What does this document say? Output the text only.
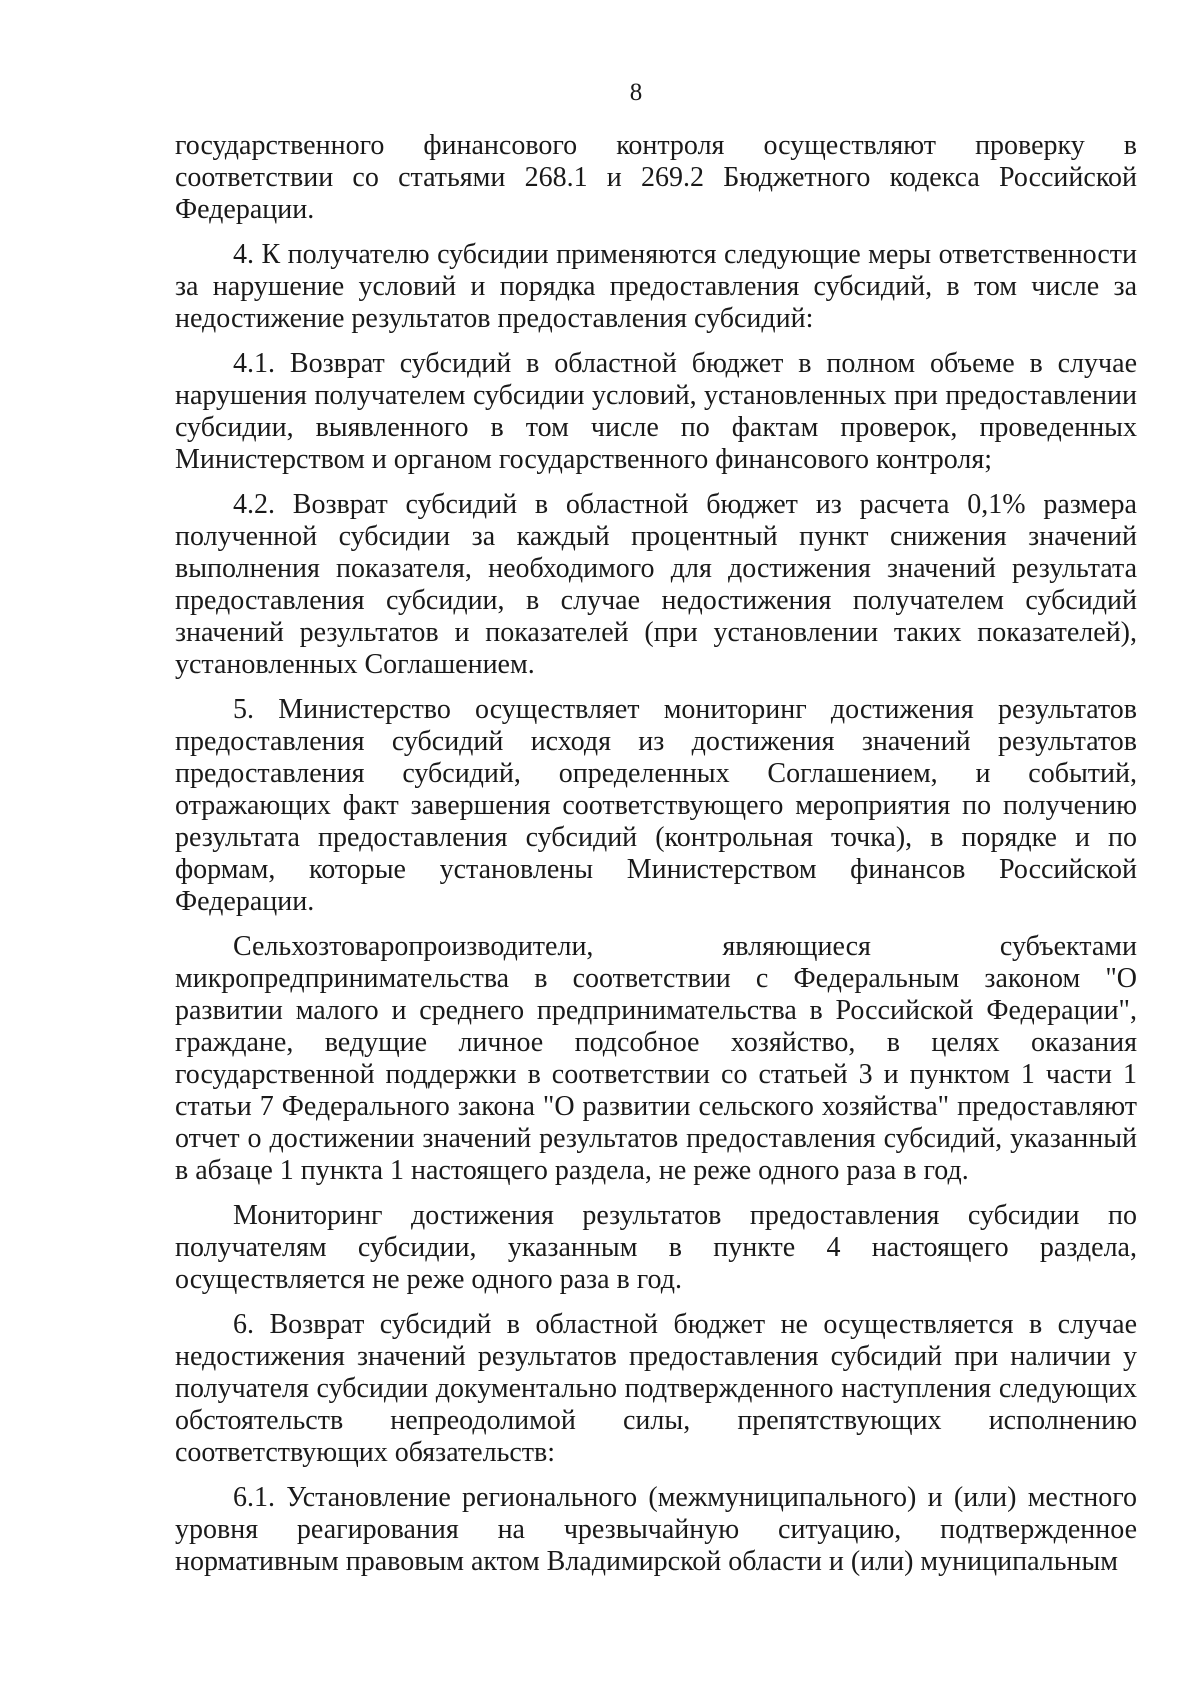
8

государственного финансового контроля осуществляют проверку в соответствии со статьями 268.1 и 269.2 Бюджетного кодекса Российской Федерации.

4. К получателю субсидии применяются следующие меры ответственности за нарушение условий и порядка предоставления субсидий, в том числе за недостижение результатов предоставления субсидий:

4.1. Возврат субсидий в областной бюджет в полном объеме в случае нарушения получателем субсидии условий, установленных при предоставлении субсидии, выявленного в том числе по фактам проверок, проведенных Министерством и органом государственного финансового контроля;

4.2. Возврат субсидий в областной бюджет из расчета 0,1% размера полученной субсидии за каждый процентный пункт снижения значений выполнения показателя, необходимого для достижения значений результата предоставления субсидии, в случае недостижения получателем субсидий значений результатов и показателей (при установлении таких показателей), установленных Соглашением.

5. Министерство осуществляет мониторинг достижения результатов предоставления субсидий исходя из достижения значений результатов предоставления субсидий, определенных Соглашением, и событий, отражающих факт завершения соответствующего мероприятия по получению результата предоставления субсидий (контрольная точка), в порядке и по формам, которые установлены Министерством финансов Российской Федерации.

Сельхозтоваропроизводители, являющиеся субъектами микропредпринимательства в соответствии с Федеральным законом "О развитии малого и среднего предпринимательства в Российской Федерации", граждане, ведущие личное подсобное хозяйство, в целях оказания государственной поддержки в соответствии со статьей 3 и пунктом 1 части 1 статьи 7 Федерального закона "О развитии сельского хозяйства" предоставляют отчет о достижении значений результатов предоставления субсидий, указанный в абзаце 1 пункта 1 настоящего раздела, не реже одного раза в год.

Мониторинг достижения результатов предоставления субсидии по получателям субсидии, указанным в пункте 4 настоящего раздела, осуществляется не реже одного раза в год.

6. Возврат субсидий в областной бюджет не осуществляется в случае недостижения значений результатов предоставления субсидий при наличии у получателя субсидии документально подтвержденного наступления следующих обстоятельств непреодолимой силы, препятствующих исполнению соответствующих обязательств:

6.1. Установление регионального (межмуниципального) и (или) местного уровня реагирования на чрезвычайную ситуацию, подтвержденное нормативным правовым актом Владимирской области и (или) муниципальным
